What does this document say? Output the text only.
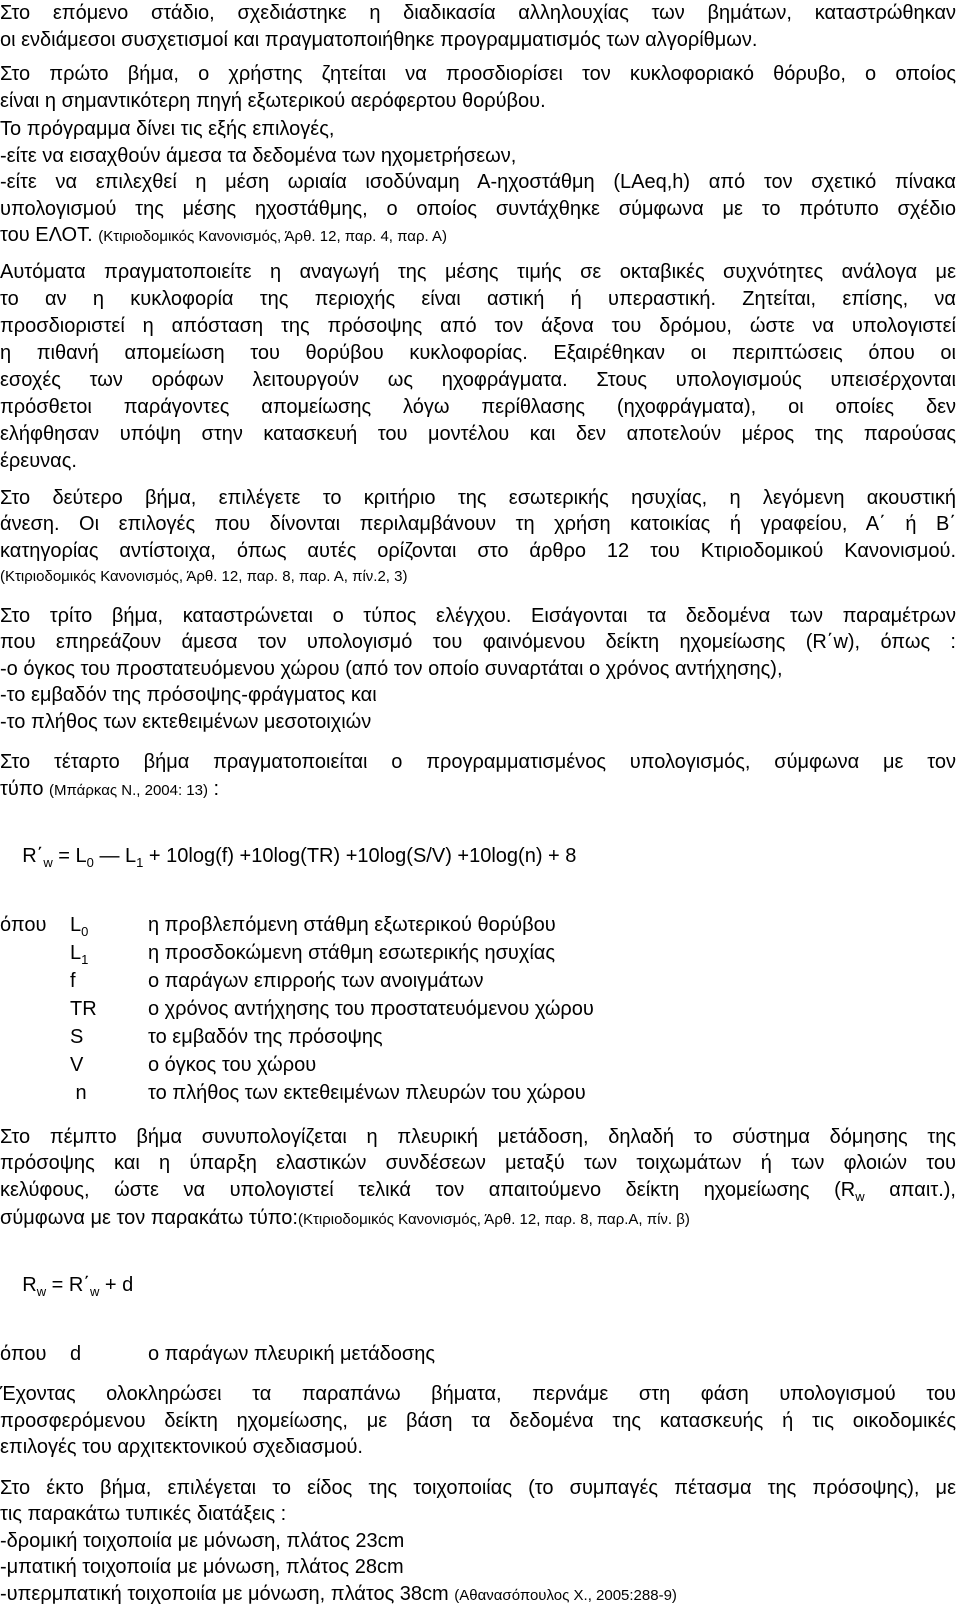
Στο επόμενο στάδιο, σχεδιάστηκε η διαδικασία αλληλουχίας των βημάτων, καταστρώθηκαν
οι ενδιάμεσοι συσχετισμοί και πραγματοποιήθηκε προγραμματισμός των αλγορίθμων.
Στο πρώτο βήμα, ο χρήστης ζητείται να προσδιορίσει τον κυκλοφοριακό θόρυβο, ο οποίος
είναι η σημαντικότερη πηγή εξωτερικού αερόφερτου θορύβου.
Το πρόγραμμα δίνει τις εξής επιλογές,
-είτε να εισαχθούν άμεσα τα δεδομένα των ηχομετρήσεων,
-είτε να επιλεχθεί η μέση ωριαία ισοδύναμη Α-ηχοστάθμη (LAeq,h) από τον σχετικό πίνακα
υπολογισμού της μέσης ηχοστάθμης, ο οποίος συντάχθηκε σύμφωνα με το πρότυπο σχέδιο
του ΕΛΟΤ. (Κτιριοδομικός Κανονισμός, Άρθ. 12, παρ. 4, παρ. Α)
Αυτόματα πραγματοποιείτε η αναγωγή της μέσης τιμής σε οκταβικές συχνότητες ανάλογα με
το αν η κυκλοφορία της περιοχής είναι αστική ή υπεραστική. Ζητείται, επίσης, να
προσδιοριστεί η απόσταση της πρόσοψης από τον άξονα του δρόμου, ώστε να υπολογιστεί
η πιθανή απομείωση του θορύβου κυκλοφορίας. Εξαιρέθηκαν οι περιπτώσεις όπου οι
εσοχές των ορόφων λειτουργούν ως ηχοφράγματα. Στους υπολογισμούς υπεισέρχονται
πρόσθετοι παράγοντες απομείωσης λόγω περίθλασης (ηχοφράγματα), οι οποίες δεν
ελήφθησαν υπόψη στην κατασκευή του μοντέλου και δεν αποτελούν μέρος της παρούσας
έρευνας.
Στο δεύτερο βήμα, επιλέγετε το κριτήριο της εσωτερικής ησυχίας, η λεγόμενη ακουστική
άνεση. Οι επιλογές που δίνονται περιλαμβάνουν τη χρήση κατοικίας ή γραφείου, Α΄ ή Β΄
κατηγορίας αντίστοιχα, όπως αυτές ορίζονται στο άρθρο 12 του Κτιριοδομικού Κανονισμού.
(Κτιριοδομικός Κανονισμός, Άρθ. 12, παρ. 8, παρ. Α, πίν.2, 3)
Στο τρίτο βήμα, καταστρώνεται ο τύπος ελέγχου. Εισάγονται τα δεδομένα των παραμέτρων
που επηρεάζουν άμεσα τον υπολογισμό του φαινόμενου δείκτη ηχομείωσης (R΄w), όπως :
-ο όγκος του προστατευόμενου χώρου (από τον οποίο συναρτάται ο χρόνος αντήχησης),
-το εμβαδόν της πρόσοψης-φράγματος και
-το πλήθος των εκτεθειμένων μεσοτοιχιών
Στο τέταρτο βήμα πραγματοποιείται ο προγραμματισμένος υπολογισμός, σύμφωνα με τον
τύπο (Μπάρκας Ν., 2004: 13) :

$R΄_w = L_0$ — $L_1 + 10\log(f) +10\log(TR) +10\log(S/V) +10\log(n) + 8$

όπου	$L_0$	η προβλεπόμενη στάθμη εξωτερικού θορύβου
	$L_1$	η προσδοκώμενη στάθμη εσωτερικής ησυχίας
	f	ο παράγων επιρροής των ανοιγμάτων
	TR	ο χρόνος αντήχησης του προστατευόμενου χώρου
	S	το εμβαδόν της πρόσοψης
	V	ο όγκος του χώρου
	n	το πλήθος των εκτεθειμένων πλευρών του χώρου
Στο πέμπτο βήμα συνυπολογίζεται η πλευρική μετάδοση, δηλαδή το σύστημα δόμησης της
πρόσοψης και η ύπαρξη ελαστικών συνδέσεων μεταξύ των τοιχωμάτων ή των φλοιών του
κελύφους, ώστε να υπολογιστεί τελικά τον απαιτούμενο δείκτη ηχομείωσης ($R_w$ απαιτ.),
σύμφωνα με τον παρακάτω τύπο:(Κτιριοδομικός Κανονισμός, Άρθ. 12, παρ. 8, παρ.Α, πίν. β)

$R_w = R΄_w + d$

όπου	d	ο παράγων πλευρική μετάδοσης
Έχοντας ολοκληρώσει τα παραπάνω βήματα, περνάμε στη φάση υπολογισμού του
προσφερόμενου δείκτη ηχομείωσης, με βάση τα δεδομένα της κατασκευής ή τις οικοδομικές
επιλογές του αρχιτεκτονικού σχεδιασμού.
Στο έκτο βήμα, επιλέγεται το είδος της τοιχοποιίας (το συμπαγές πέτασμα της πρόσοψης), με
τις παρακάτω τυπικές διατάξεις :
-δρομική τοιχοποιία με μόνωση, πλάτος 23cm
-μπατική τοιχοποιία με μόνωση, πλάτος 28cm
-υπερμπατική τοιχοποιία με μόνωση, πλάτος 38cm (Αθανασόπουλος Χ., 2005:288-9)
